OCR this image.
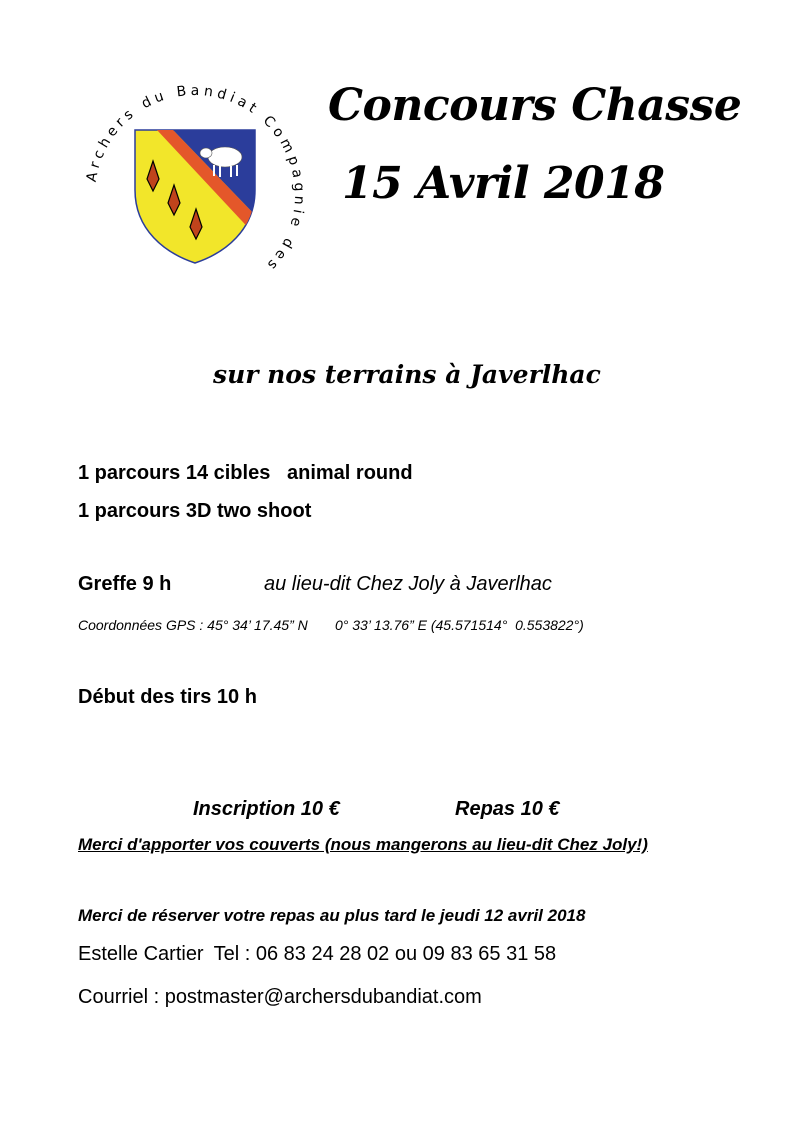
Archers du Bandiat Compagnie des
Concours Chasse
15 Avril 2018
sur nos terrains à Javerlhac
1 parcours 14 cibles   animal round
1 parcours 3D two shoot
Greffe 9 h	au lieu-dit Chez Joly à Javerlhac
Coordonnées GPS : 45° 34’ 17.45” N       0° 33’ 13.76” E (45.571514°  0.553822°)
Début des tirs 10 h
Inscription 10 €	Repas 10 €
Merci d'apporter vos couverts (nous mangerons au lieu-dit Chez Joly!)
Merci de réserver votre repas au plus tard le jeudi 12 avril 2018
Estelle Cartier Tel : 06 83 24 28 02 ou 09 83 65 31 58
Courriel : postmaster@archersdubandiat.com
